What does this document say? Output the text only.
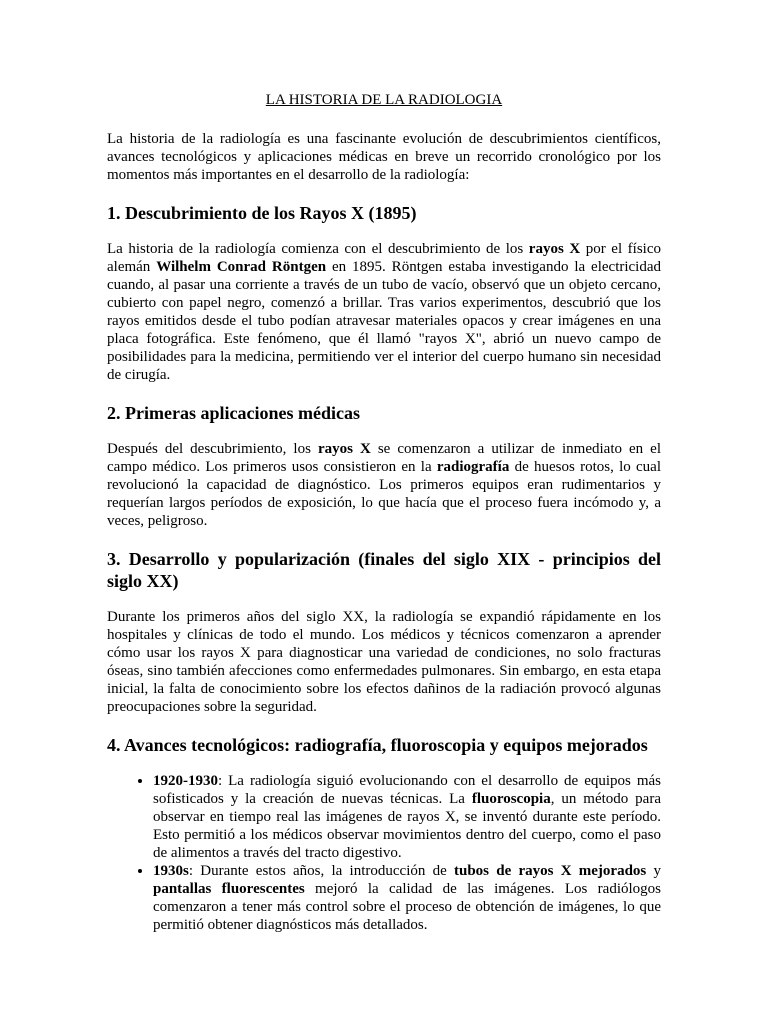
LA HISTORIA DE LA RADIOLOGIA

La historia de la radiología es una fascinante evolución de descubrimientos científicos, avances tecnológicos y aplicaciones médicas en breve un recorrido cronológico por los momentos más importantes en el desarrollo de la radiología:

1. Descubrimiento de los Rayos X (1895)

La historia de la radiología comienza con el descubrimiento de los rayos X por el físico alemán Wilhelm Conrad Röntgen en 1895. Röntgen estaba investigando la electricidad cuando, al pasar una corriente a través de un tubo de vacío, observó que un objeto cercano, cubierto con papel negro, comenzó a brillar. Tras varios experimentos, descubrió que los rayos emitidos desde el tubo podían atravesar materiales opacos y crear imágenes en una placa fotográfica. Este fenómeno, que él llamó "rayos X", abrió un nuevo campo de posibilidades para la medicina, permitiendo ver el interior del cuerpo humano sin necesidad de cirugía.

2. Primeras aplicaciones médicas

Después del descubrimiento, los rayos X se comenzaron a utilizar de inmediato en el campo médico. Los primeros usos consistieron en la radiografía de huesos rotos, lo cual revolucionó la capacidad de diagnóstico. Los primeros equipos eran rudimentarios y requerían largos períodos de exposición, lo que hacía que el proceso fuera incómodo y, a veces, peligroso.

3. Desarrollo y popularización (finales del siglo XIX - principios del siglo XX)

Durante los primeros años del siglo XX, la radiología se expandió rápidamente en los hospitales y clínicas de todo el mundo. Los médicos y técnicos comenzaron a aprender cómo usar los rayos X para diagnosticar una variedad de condiciones, no solo fracturas óseas, sino también afecciones como enfermedades pulmonares. Sin embargo, en esta etapa inicial, la falta de conocimiento sobre los efectos dañinos de la radiación provocó algunas preocupaciones sobre la seguridad.

4. Avances tecnológicos: radiografía, fluoroscopia y equipos mejorados
• 1920-1930: La radiología siguió evolucionando con el desarrollo de equipos más sofisticados y la creación de nuevas técnicas. La fluoroscopia, un método para observar en tiempo real las imágenes de rayos X, se inventó durante este período. Esto permitió a los médicos observar movimientos dentro del cuerpo, como el paso de alimentos a través del tracto digestivo.
• 1930s: Durante estos años, la introducción de tubos de rayos X mejorados y pantallas fluorescentes mejoró la calidad de las imágenes. Los radiólogos comenzaron a tener más control sobre el proceso de obtención de imágenes, lo que permitió obtener diagnósticos más detallados.
